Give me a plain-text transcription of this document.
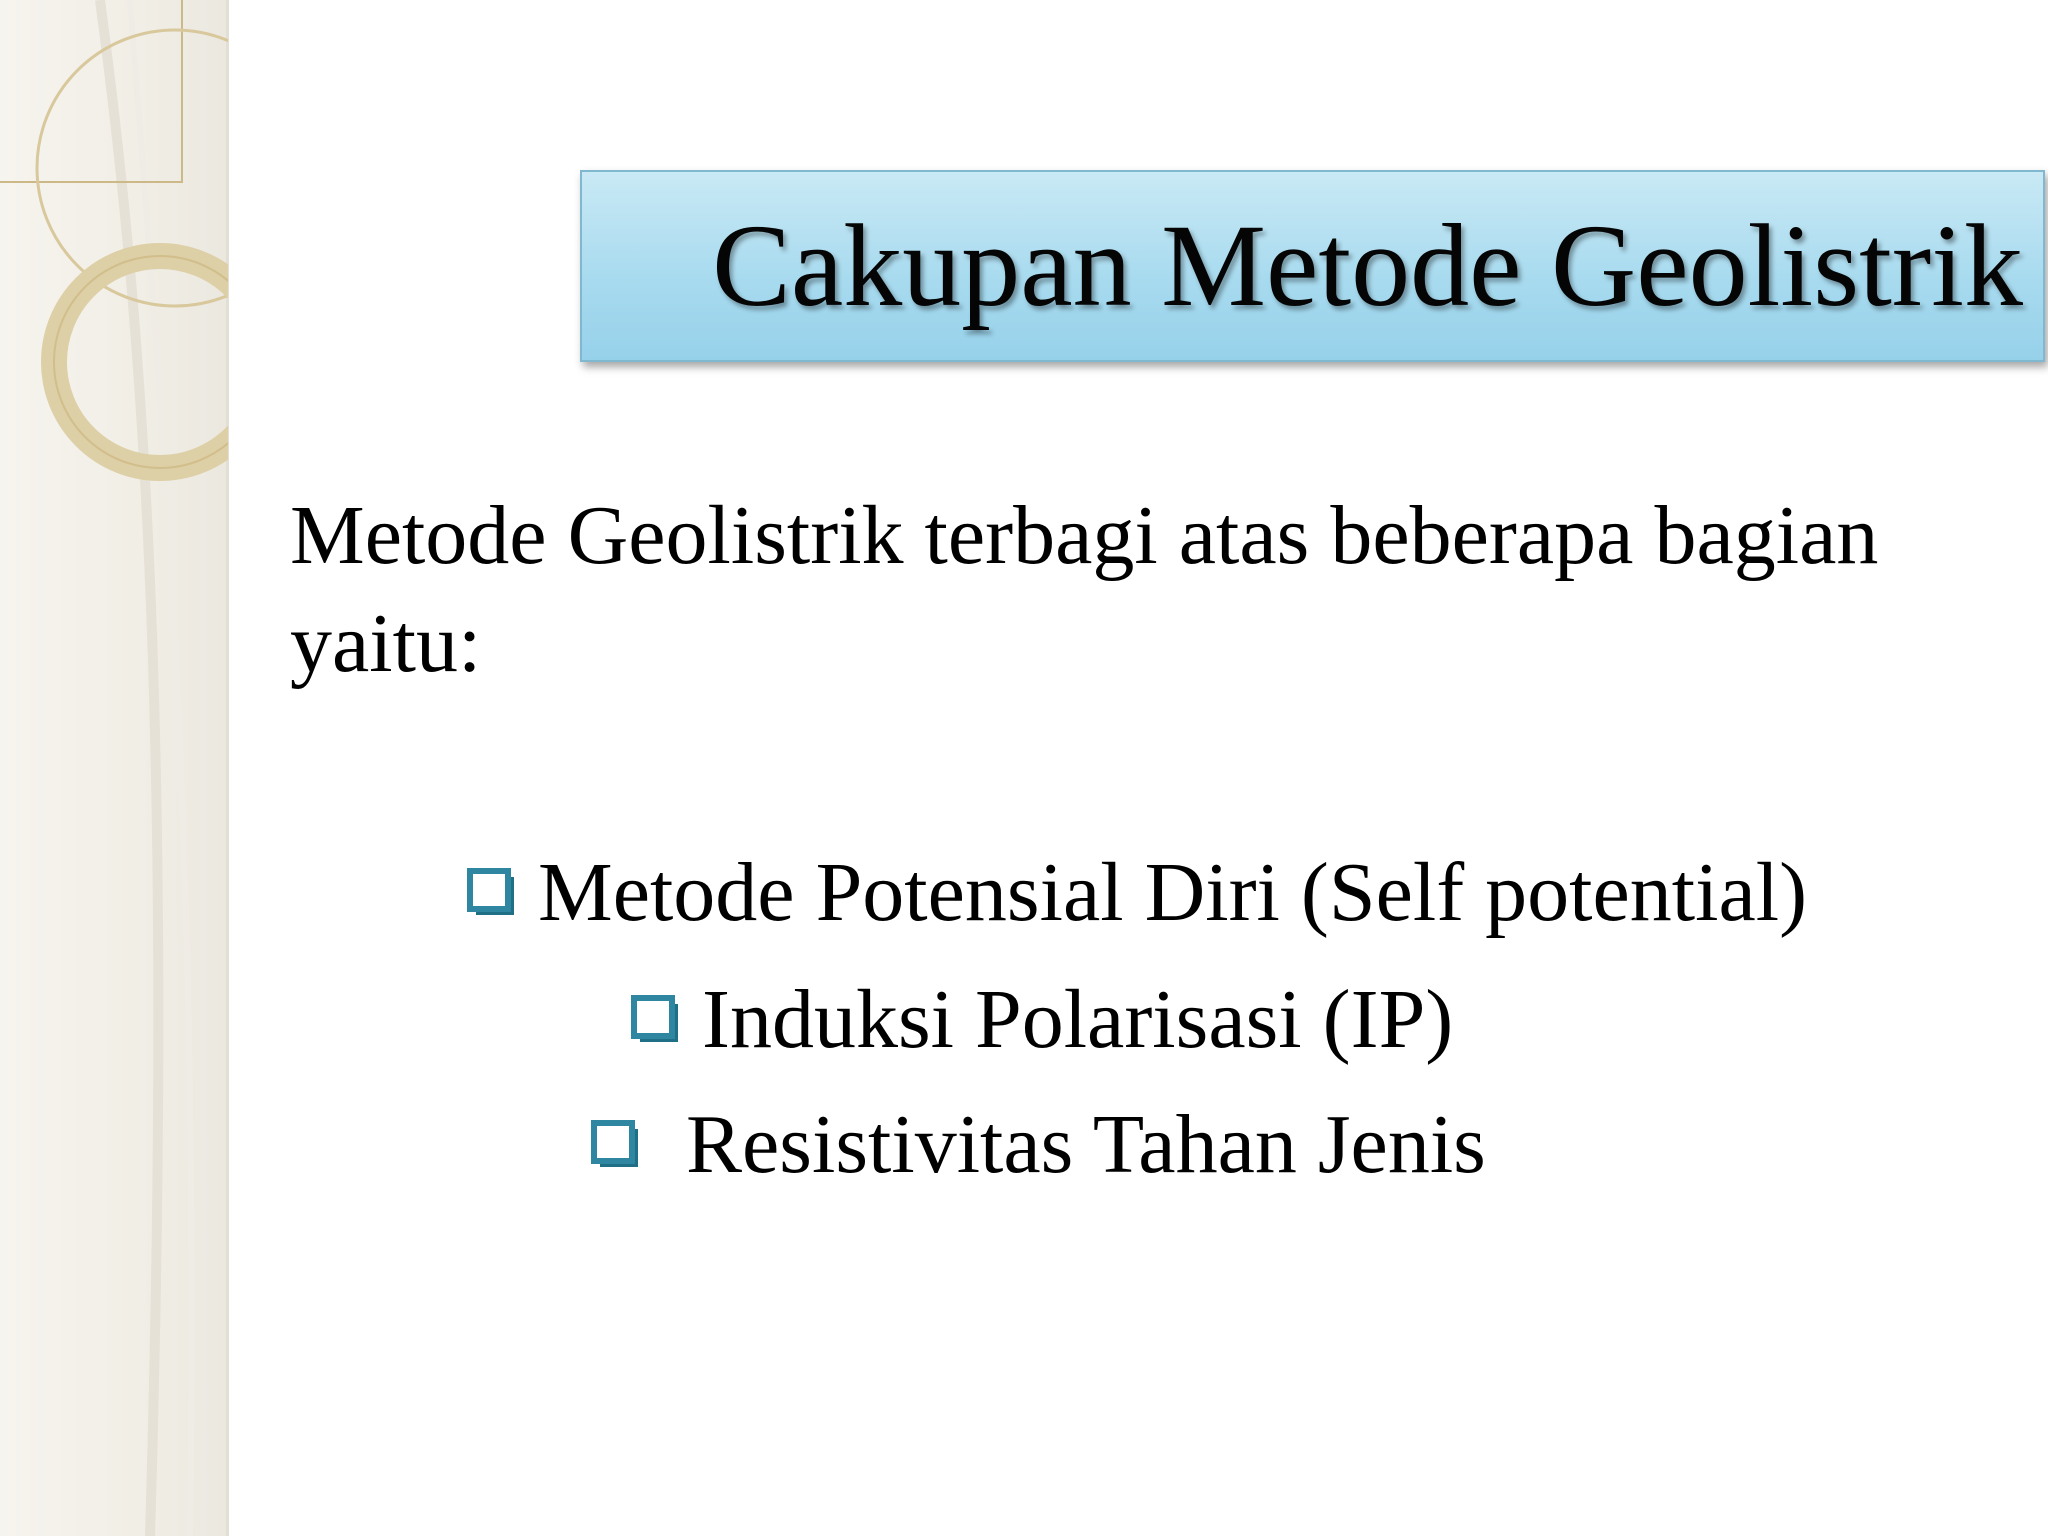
Cakupan Metode Geolistrik
Metode Geolistrik terbagi atas beberapa bagian yaitu:
Metode Potensial Diri (Self potential)
Induksi Polarisasi (IP)
Resistivitas Tahan Jenis
